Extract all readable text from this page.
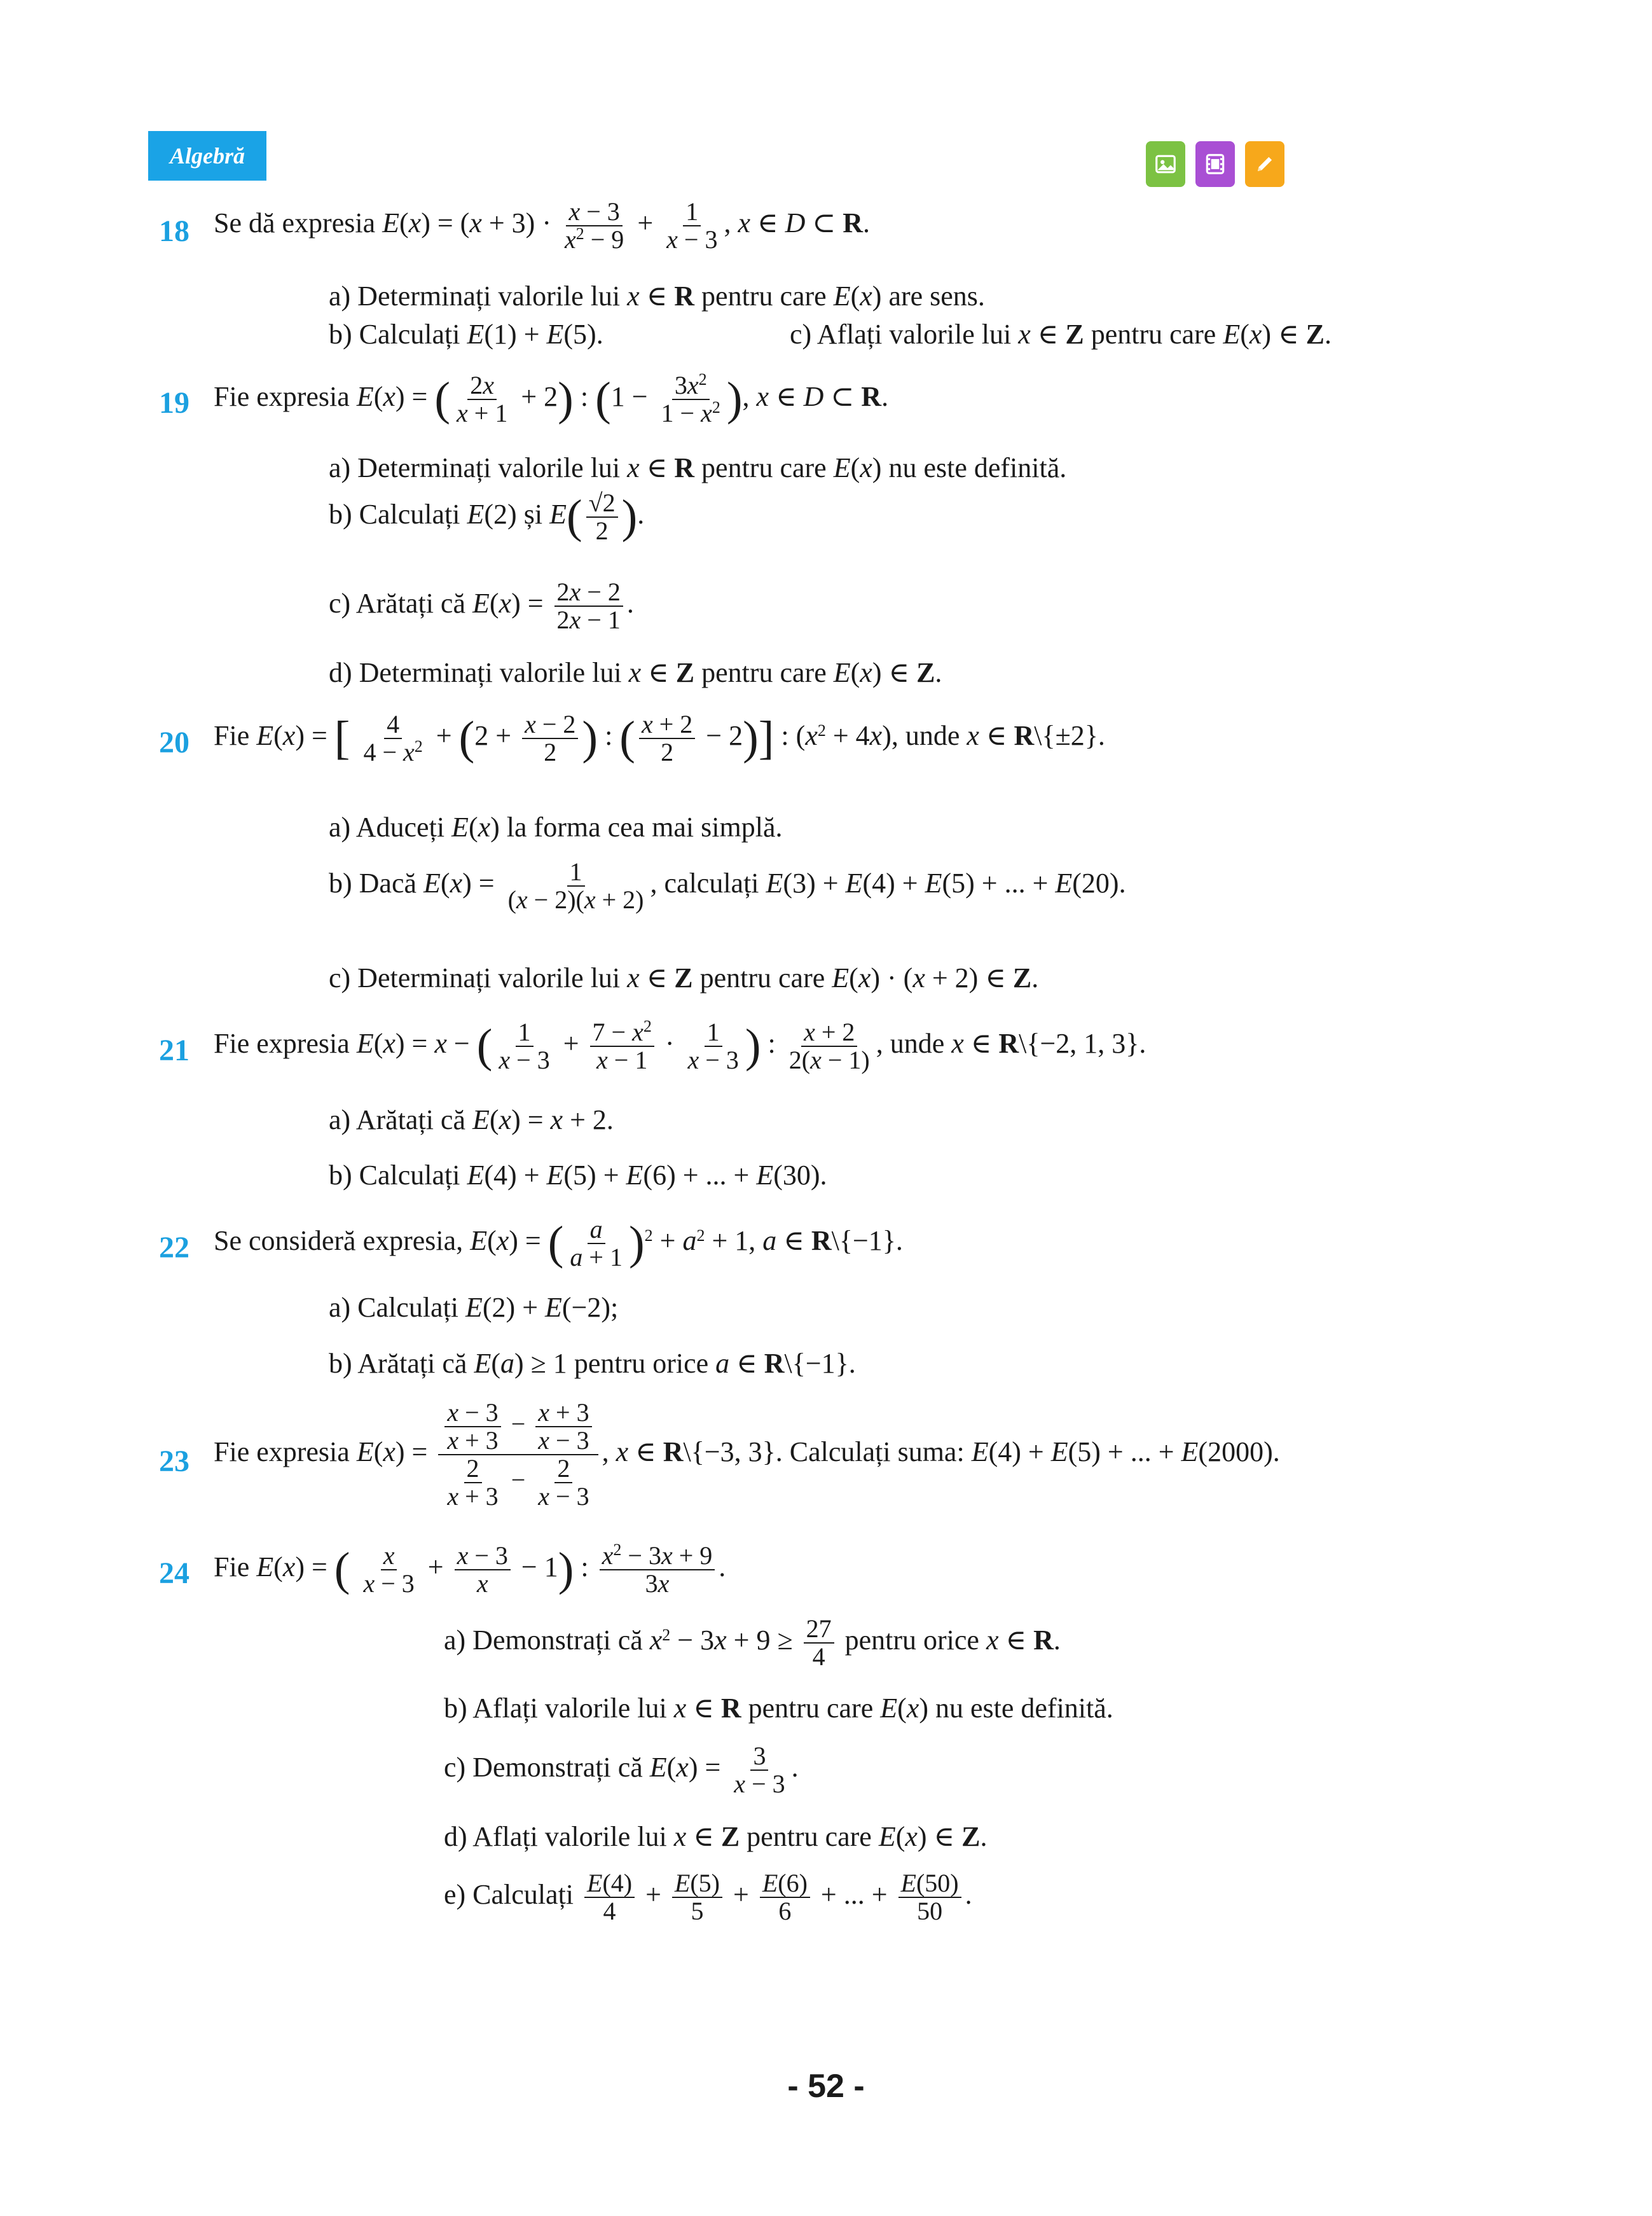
Algebră
18 Se dă expresia $E(x) = (x + 3) \cdot \frac{x - 3}{x^2 - 9} + \frac{1}{x - 3}$ , x ∈ D ⊂ R.
a) Determinați valorile lui x ∈ R pentru care E(x) are sens.
b) Calculați E(1) + E(5).	c) Aflați valorile lui x ∈ Z pentru care E(x) ∈ Z.
19 Fie expresia E(x) = ( $\frac{2x}{x + 1} + 2$) : ($1 - \frac{3x^2}{1 - x^2}$ ), x ∈ D ⊂ R.
a) Determinați valorile lui x ∈ R pentru care E(x) nu este definită.
b) Calculați E(2) și $E( \frac{√2}{2}$ ).
c) Arătați că $E(x) = \frac{2x - 2}{2x - 1}$ .
d) Determinați valorile lui x ∈ Z pentru care E(x) ∈ Z.
20 Fie E(x) = [ $\frac{4}{4 - x^2} + (2 + \frac{x - 2}{2}$ ) : ( $\frac{x + 2}{2} - 2$)] : $(x^2 + 4x)$, unde x ∈ R\{±2}.
a) Aduceți E(x) la forma cea mai simplă.
b) Dacă $E(x) = \frac{1}{(x - 2)(x + 2)}$ , calculați E(3) + E(4) + E(5) + ... + E(20).
c) Determinați valorile lui x ∈ Z pentru care E(x) · (x + 2) ∈ Z.
21 Fie expresia E(x) = x − ( $\frac{1}{x - 3} + \frac{7 - x^2}{x - 1} \cdot \frac{1}{x - 3}$ ) : $\frac{x + 2}{2(x - 1)}$ , unde x ∈ R\{−2, 1, 3}.
a) Arătați că E(x) = x + 2.
b) Calculați E(4) + E(5) + E(6) + ... + E(30).
22 Se consideră expresia, E(x) = ( $\frac{a}{a + 1} )^2 + a^2 + 1$, a ∈ R\{−1}.
a) Calculați E(2) + E(−2);
b) Arătați că E(a) ≥ 1 pentru orice a ∈ R\{−1}.
23 Fie expresia $E(x) = \frac{\frac{x - 3}{x + 3} - \frac{x + 3}{x - 3}}{\frac{2}{x + 3} - \frac{2}{x - 3}}$ , x ∈ R\{−3, 3}. Calculați suma: E(4) + E(5) + ... + E(2000).
24 Fie E(x) = ( $\frac{x}{x - 3} + \frac{x - 3}{x} - 1$) : $\frac{x^2 - 3x + 9}{3x}$ .
a) Demonstrați că $x^2 - 3x + 9 \ge \frac{27}{4}$ pentru orice x ∈ R.
b) Aflați valorile lui x ∈ R pentru care E(x) nu este definită.
c) Demonstrați că $E(x) = \frac{3}{x - 3}$ .
d) Aflați valorile lui x ∈ Z pentru care E(x) ∈ Z.
e) Calculați $\frac{E(4)}{4} + \frac{E(5)}{5} + \frac{E(6)}{6}$ + ... + $\frac{E(50)}{50}$ .
- 52 -
